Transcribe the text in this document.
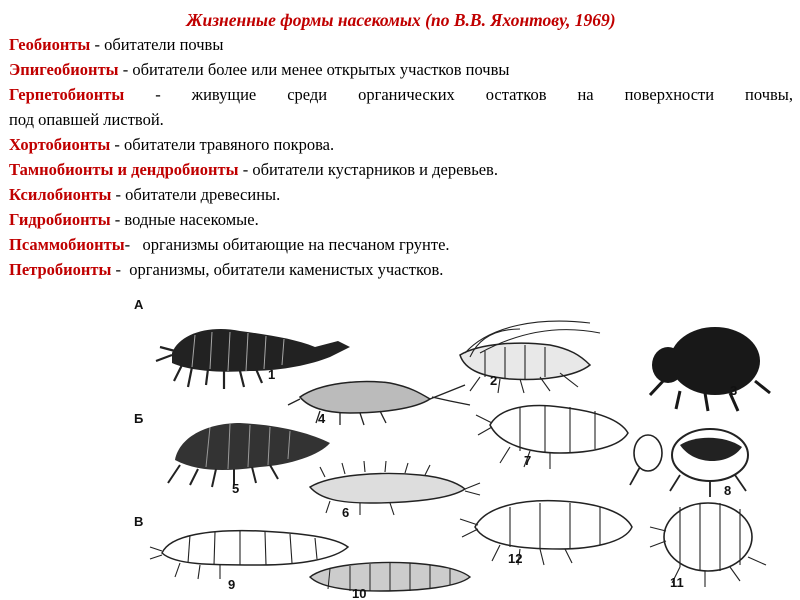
Жизненные формы насекомых (по В.В. Яхонтову, 1969)
Геобионты - обитатели почвы
Эпигеобионты - обитатели более или менее открытых участков почвы
Герпетобионты - живущие среди органических остатков на поверхности почвы,
под опавшей листвой.
Хортобионты - обитатели травяного покрова.
Тамнобионты и дендробионты - обитатели кустарников и деревьев.
Ксилобионты - обитатели древесины.
Гидробионты - водные насекомые.
Псаммобионты-   организмы обитающие на песчаном грунте.
Петробионты -  организмы, обитатели каменистых участков.
А
Б
В
1	2
3
4
5
6
7
8
9
10
11
12
